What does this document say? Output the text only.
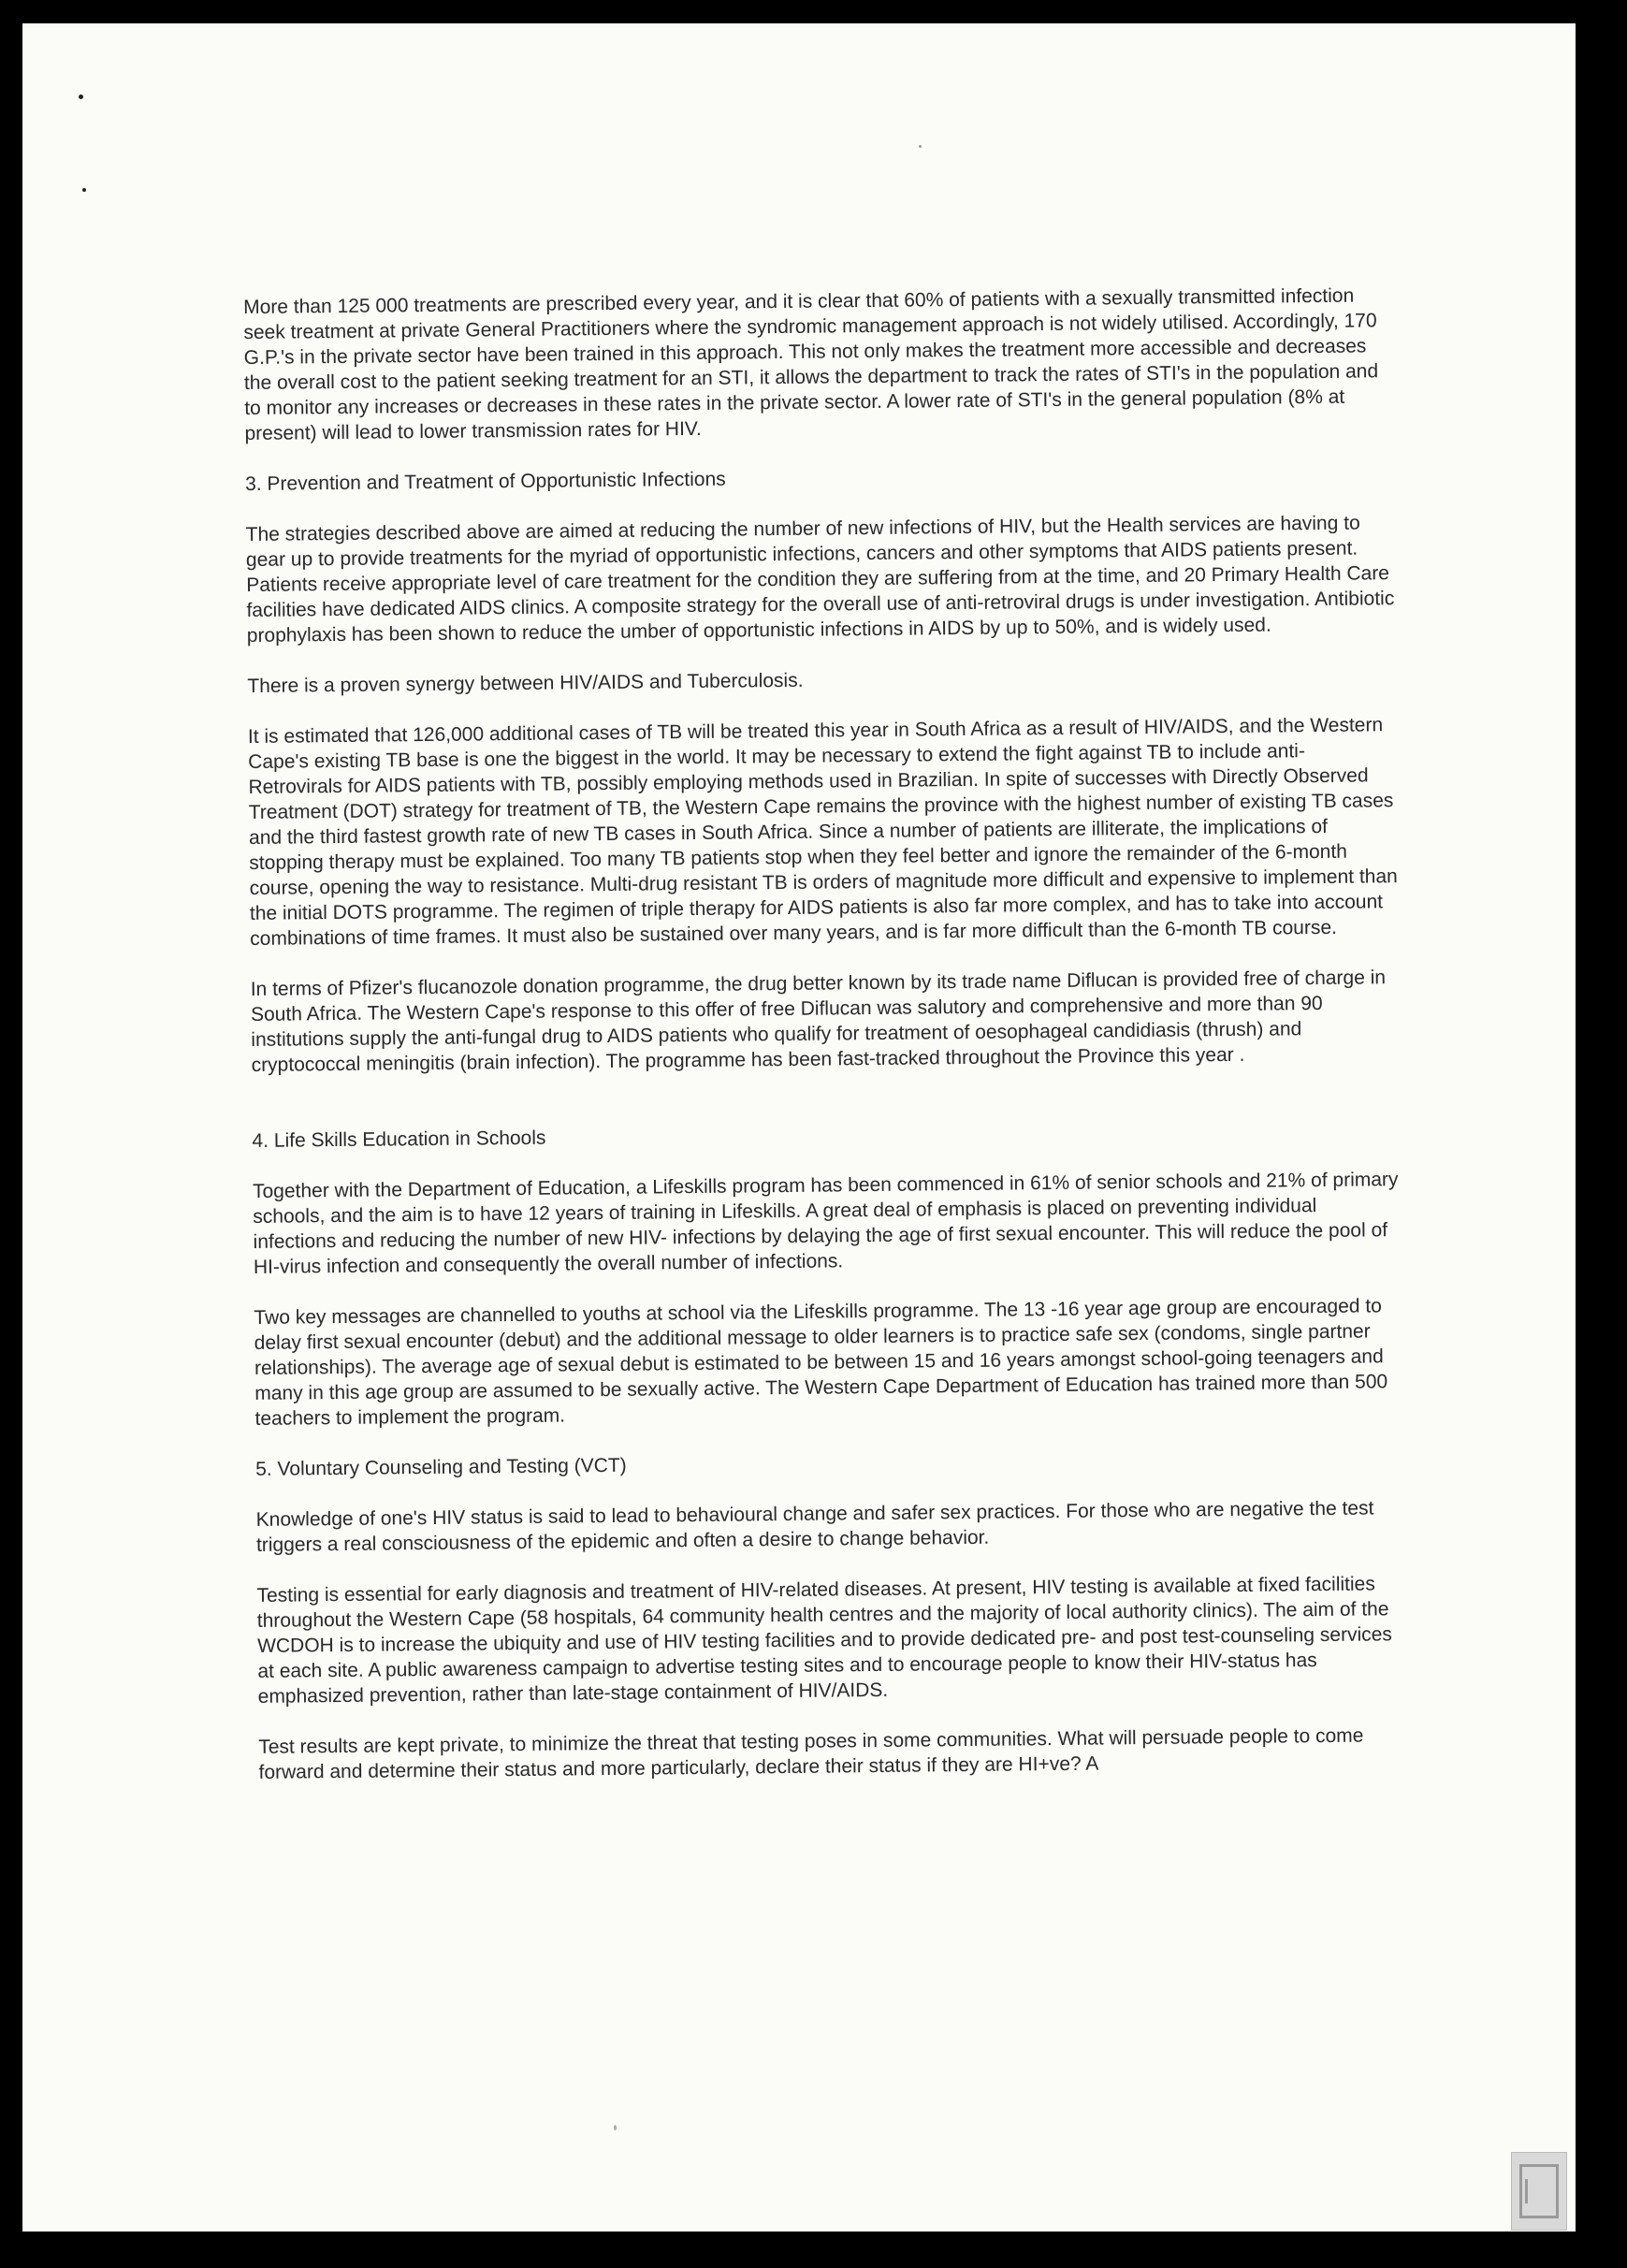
More than 125 000 treatments are prescribed every year, and it is clear that 60% of patients with a sexually transmitted infection seek treatment at private General Practitioners where the syndromic management approach is not widely utilised. Accordingly, 170 G.P.'s in the private sector have been trained in this approach. This not only makes the treatment more accessible and decreases the overall cost to the patient seeking treatment for an STI, it allows the department to track the rates of STI's in the population and to monitor any increases or decreases in these rates in the private sector. A lower rate of STI's in the general population (8% at present) will lead to lower transmission rates for HIV.

3. Prevention and Treatment of Opportunistic Infections

The strategies described above are aimed at reducing the number of new infections of HIV, but the Health services are having to gear up to provide treatments for the myriad of opportunistic infections, cancers and other symptoms that AIDS patients present. Patients receive appropriate level of care treatment for the condition they are suffering from at the time, and 20 Primary Health Care facilities have dedicated AIDS clinics. A composite strategy for the overall use of anti-retroviral drugs is under investigation. Antibiotic prophylaxis has been shown to reduce the umber of opportunistic infections in AIDS by up to 50%, and is widely used.

There is a proven synergy between HIV/AIDS and Tuberculosis.

It is estimated that 126,000 additional cases of TB will be treated this year in South Africa as a result of HIV/AIDS, and the Western Cape's existing TB base is one the biggest in the world. It may be necessary to extend the fight against TB to include anti-Retrovirals for AIDS patients with TB, possibly employing methods used in Brazilian. In spite of successes with Directly Observed Treatment (DOT) strategy for treatment of TB, the Western Cape remains the province with the highest number of existing TB cases and the third fastest growth rate of new TB cases in South Africa. Since a number of patients are illiterate, the implications of stopping therapy must be explained. Too many TB patients stop when they feel better and ignore the remainder of the 6-month course, opening the way to resistance. Multi-drug resistant TB is orders of magnitude more difficult and expensive to implement than the initial DOTS programme. The regimen of triple therapy for AIDS patients is also far more complex, and has to take into account combinations of time frames. It must also be sustained over many years, and is far more difficult than the 6-month TB course.

In terms of Pfizer's flucanozole donation programme, the drug better known by its trade name Diflucan is provided free of charge in South Africa. The Western Cape's response to this offer of free Diflucan was salutory and comprehensive and more than 90 institutions supply the anti-fungal drug to AIDS patients who qualify for treatment of oesophageal candidiasis (thrush) and cryptococcal meningitis (brain infection). The programme has been fast-tracked throughout the Province this year .

4. Life Skills Education in Schools

Together with the Department of Education, a Lifeskills program has been commenced in 61% of senior schools and 21% of primary schools, and the aim is to have 12 years of training in Lifeskills. A great deal of emphasis is placed on preventing individual infections and reducing the number of new HIV- infections by delaying the age of first sexual encounter. This will reduce the pool of HI-virus infection and consequently the overall number of infections.

Two key messages are channelled to youths at school via the Lifeskills programme. The 13 -16 year age group are encouraged to delay first sexual encounter (debut) and the additional message to older learners is to practice safe sex (condoms, single partner relationships). The average age of sexual debut is estimated to be between 15 and 16 years amongst school-going teenagers and many in this age group are assumed to be sexually active. The Western Cape Department of Education has trained more than 500 teachers to implement the program.

5. Voluntary Counseling and Testing (VCT)

Knowledge of one's HIV status is said to lead to behavioural change and safer sex practices. For those who are negative the test triggers a real consciousness of the epidemic and often a desire to change behavior.

Testing is essential for early diagnosis and treatment of HIV-related diseases. At present, HIV testing is available at fixed facilities throughout the Western Cape (58 hospitals, 64 community health centres and the majority of local authority clinics). The aim of the WCDOH is to increase the ubiquity and use of HIV testing facilities and to provide dedicated pre- and post test-counseling services at each site. A public awareness campaign to advertise testing sites and to encourage people to know their HIV-status has emphasized prevention, rather than late-stage containment of HIV/AIDS.

Test results are kept private, to minimize the threat that testing poses in some communities. What will persuade people to come forward and determine their status and more particularly, declare their status if they are HI+ve? A
